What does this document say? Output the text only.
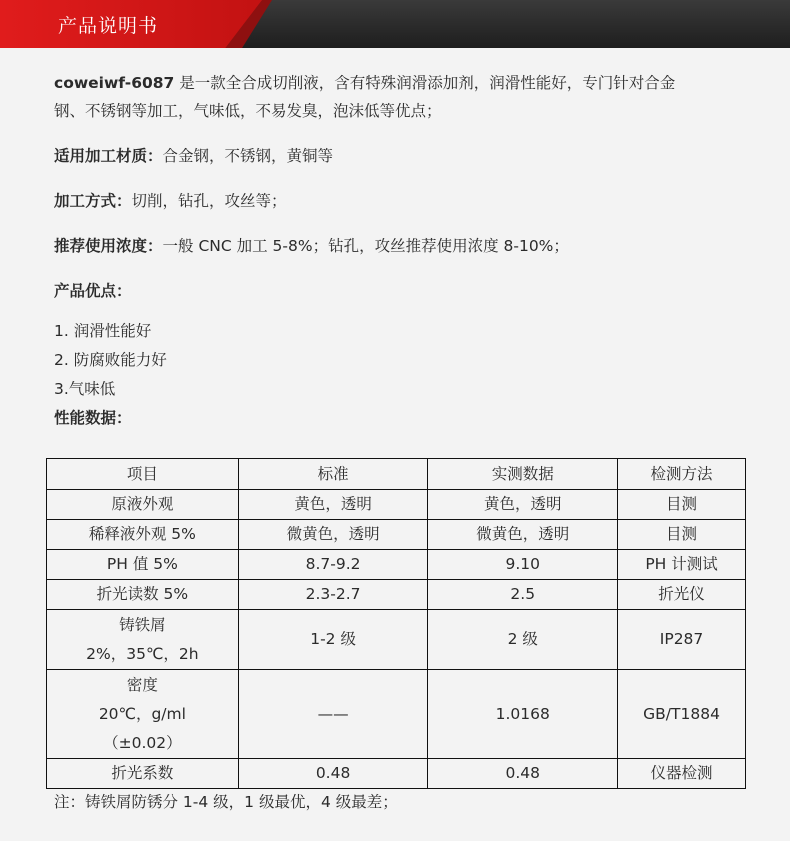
产品说明书
coweiwf-6087 是一款全合成切削液，含有特殊润滑添加剂，润滑性能好，专门针对合金
钢、不锈钢等加工，气味低，不易发臭，泡沫低等优点；
适用加工材质：合金钢，不锈钢，黄铜等
加工方式：切削，钻孔，攻丝等；
推荐使用浓度：一般 CNC 加工 5-8%；钻孔，攻丝推荐使用浓度 8-10%；
产品优点：
1. 润滑性能好
2. 防腐败能力好
3.气味低
性能数据：
项目	标准	实测数据	检测方法
原液外观	黄色，透明	黄色，透明	目测
稀释液外观 5%	微黄色，透明	微黄色，透明	目测
PH 值 5%	8.7-9.2	9.10	PH 计测试
折光读数 5%	2.3-2.7	2.5	折光仪

铸铁屑
2%，35℃，2h	1-2 级	2 级	IP287

密度
20℃，g/ml
（±0.02）	——	1.0168	GB/T1884
折光系数	0.48	0.48	仪器检测
注：铸铁屑防锈分 1-4 级，1 级最优，4 级最差；
